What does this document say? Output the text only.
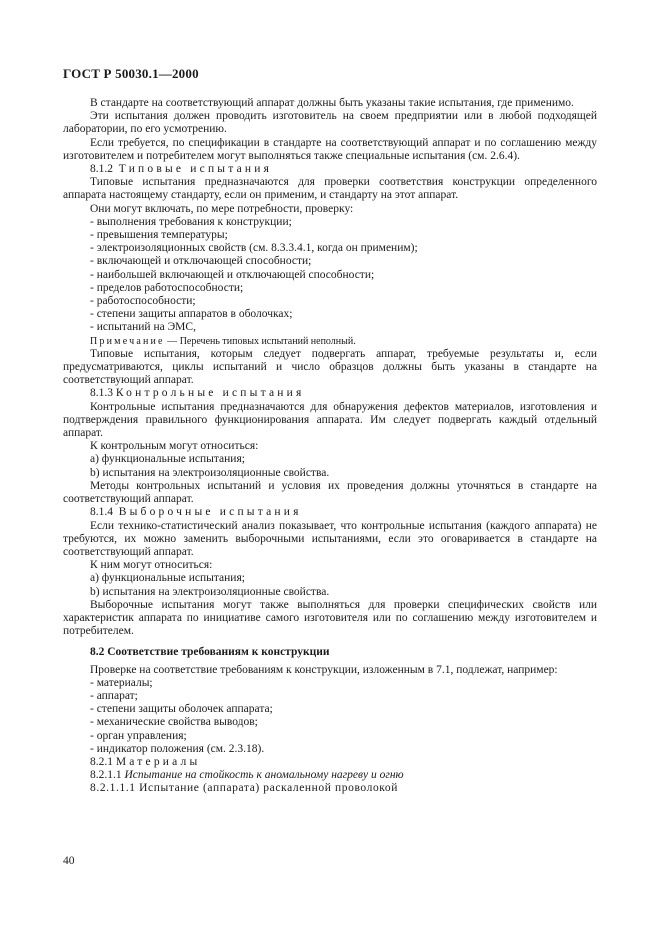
ГОСТ Р 50030.1—2000

В стандарте на соответствующий аппарат должны быть указаны такие испытания, где применимо.

Эти испытания должен проводить изготовитель на своем предприятии или в любой подходящей лаборатории, по его усмотрению.

Если требуется, по спецификации в стандарте на соответствующий аппарат и по соглашению между изготовителем и потребителем могут выполняться также специальные испытания (см. 2.6.4).

8.1.2 Типовые испытания

Типовые испытания предназначаются для проверки соответствия конструкции определенного аппарата настоящему стандарту, если он применим, и стандарту на этот аппарат.

Они могут включать, по мере потребности, проверку:

- выполнения требования к конструкции;

- превышения температуры;

- электроизоляционных свойств (см. 8.3.3.4.1, когда он применим);

- включающей и отключающей способности;

- наибольшей включающей и отключающей способности;

- пределов работоспособности;

- работоспособности;

- степени защиты аппаратов в оболочках;

- испытаний на ЭМС,

Примечание — Перечень типовых испытаний неполный.

Типовые испытания, которым следует подвергать аппарат, требуемые результаты и, если предусматриваются, циклы испытаний и число образцов должны быть указаны в стандарте на соответствующий аппарат.

8.1.3 Контрольные испытания

Контрольные испытания предназначаются для обнаружения дефектов материалов, изготовления и подтверждения правильного функционирования аппарата. Им следует подвергать каждый отдельный аппарат.

К контрольным могут относиться:

а) функциональные испытания;

b) испытания на электроизоляционные свойства.

Методы контрольных испытаний и условия их проведения должны уточняться в стандарте на соответствующий аппарат.

8.1.4 Выборочные испытания

Если технико-статистический анализ показывает, что контрольные испытания (каждого аппарата) не требуются, их можно заменить выборочными испытаниями, если это оговаривается в стандарте на соответствующий аппарат.

К ним могут относиться:

а) функциональные испытания;

b) испытания на электроизоляционные свойства.

Выборочные испытания могут также выполняться для проверки специфических свойств или характеристик аппарата по инициативе самого изготовителя или по соглашению между изготовителем и потребителем.

8.2 Соответствие требованиям к конструкции

Проверке на соответствие требованиям к конструкции, изложенным в 7.1, подлежат, например:

- материалы;

- аппарат;

- степени защиты оболочек аппарата;

- механические свойства выводов;

- орган управления;

- индикатор положения (см. 2.3.18).

8.2.1 Материалы

8.2.1.1 Испытание на стойкость к аномальному нагреву и огню

8.2.1.1.1 Испытание (аппарата) раскаленной проволокой

40
